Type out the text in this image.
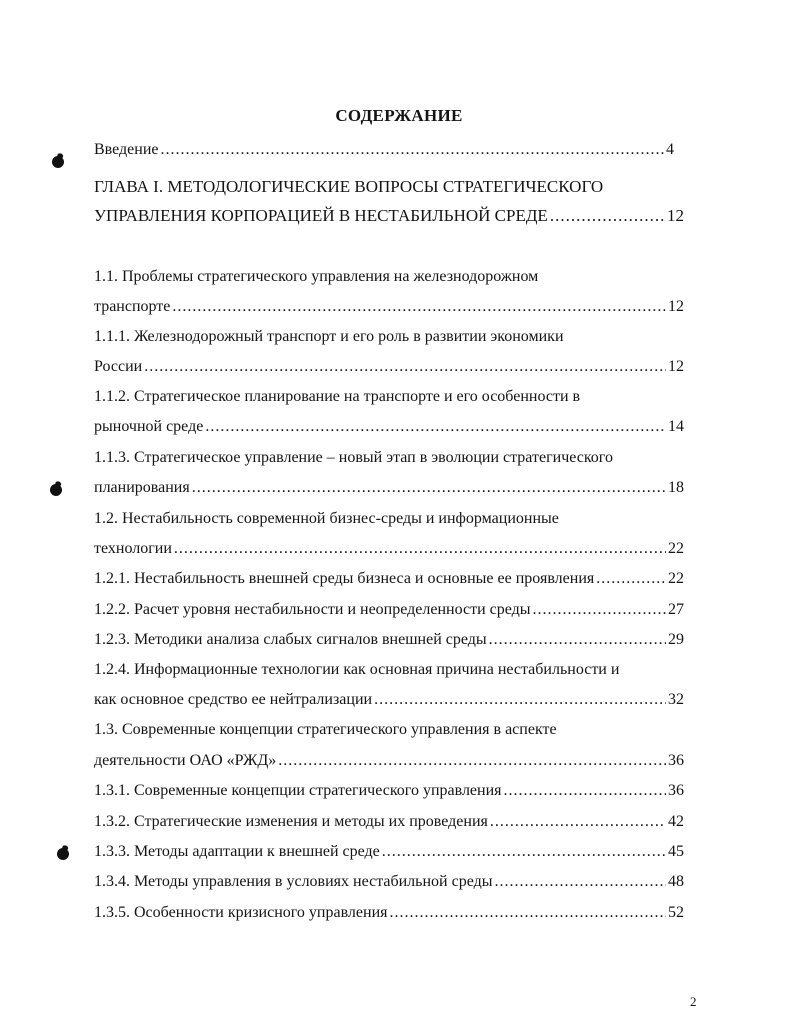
СОДЕРЖАНИЕ
Введение .....	4
ГЛАВА I. МЕТОДОЛОГИЧЕСКИЕ ВОПРОСЫ СТРАТЕГИЧЕСКОГО
УПРАВЛЕНИЯ КОРПОРАЦИЕЙ В НЕСТАБИЛЬНОЙ СРЕДЕ .....	12
1.1. Проблемы стратегического управления на железнодорожном
транспорте .....	12
1.1.1. Железнодорожный транспорт и его роль в развитии экономики
России .....	12
1.1.2. Стратегическое планирование на транспорте и его особенности в
рыночной среде .....	14
1.1.3. Стратегическое управление – новый этап в эволюции стратегического
планирования .....	18
1.2. Нестабильность современной бизнес-среды и информационные
технологии .....	22
1.2.1. Нестабильность внешней среды бизнеса и основные ее проявления .....	22
1.2.2. Расчет уровня нестабильности и неопределенности среды .....	27
1.2.3. Методики анализа слабых сигналов внешней среды .....	29
1.2.4. Информационные технологии как основная причина нестабильности и
как основное средство ее нейтрализации .....	32
1.3. Современные концепции стратегического управления в аспекте
деятельности ОАО «РЖД» .....	36
1.3.1. Современные концепции стратегического управления .....	36
1.3.2. Стратегические изменения и методы их проведения .....	42
1.3.3. Методы адаптации к внешней среде .....	45
1.3.4. Методы управления в условиях нестабильной среды .....	48
1.3.5. Особенности кризисного управления .....	52
2
